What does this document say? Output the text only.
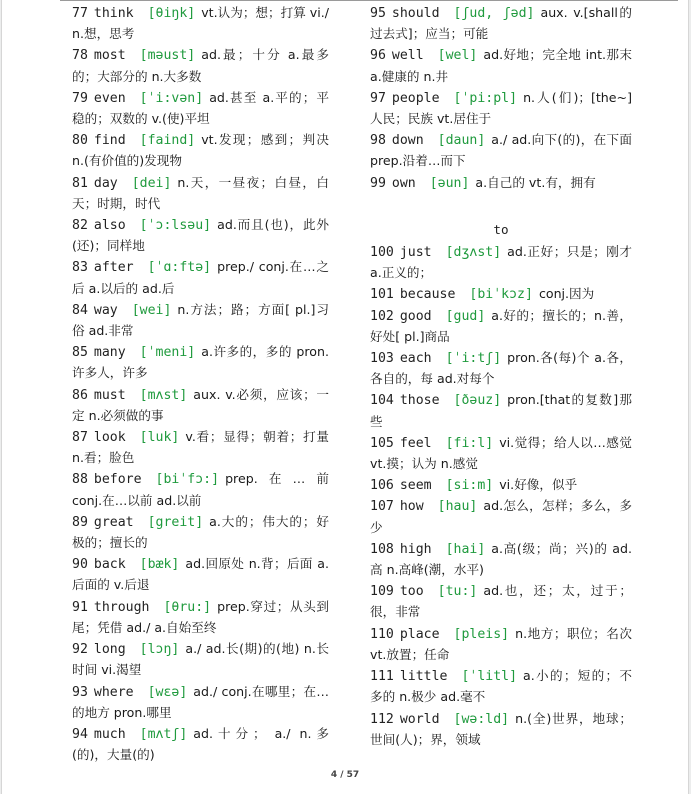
77 think [θiŋk] vt.认为；想；打算 vi./ n.想，思考
78 most [məust] ad.最；十分 a.最多的；大部分的 n.大多数
79 even [ˈi:vən] ad.甚至 a.平的；平稳的；双数的 v.(使)平坦
80 find [faind] vt.发现；感到；判决 n.(有价值的)发现物
81 day [dei] n.天，一昼夜；白昼，白天；时期，时代
82 also [ˈɔ:lsəu] ad.而且(也)，此外(还)；同样地
83 after [ˈɑ:ftə] prep./ conj.在…之后 a.以后的 ad.后
84 way [wei] n.方法；路；方面[ pl.]习俗 ad.非常
85 many [ˈmeni] a.许多的，多的 pron.许多人，许多
86 must [mʌst] aux. v.必须，应该；一定 n.必须做的事
87 look [luk] v.看；显得；朝着；打量 n.看；脸色
88 before [biˈfɔ:] prep.在…前 conj.在…以前 ad.以前
89 great [greit] a.大的；伟大的；好极的；擅长的
90 back [bæk] ad.回原处 n.背；后面 a.后面的 v.后退
91 through [θru:] prep.穿过；从头到尾；凭借 ad./ a.自始至终
92 long [lɔŋ] a./ ad.长(期)的(地) n.长时间 vi.渴望
93 where [wɛə] ad./ conj.在哪里；在…的地方 pron.哪里
94 much [mʌtʃ] ad.十分； a./ n.多(的)，大量(的)
95 should [ʃud, ʃəd] aux. v.[shall的过去式]；应当；可能
96 well [wel] ad.好地；完全地 int.那末 a.健康的 n.井
97 people [ˈpi:pl] n.人(们)；[the~]人民；民族 vt.居住于
98 down [daun] a./ ad.向下(的)，在下面 prep.沿着…而下
99 own [əun] a.自己的 vt.有，拥有
to
100 just [dʒʌst] ad.正好；只是；刚才 a.正义的；
101 because [biˈkɔz] conj.因为
102 good [gud] a.好的；擅长的；n.善，好处[ pl.]商品
103 each [ˈi:tʃ] pron.各(每)个 a.各，各自的，每 ad.对每个
104 those [ðəuz] pron.[that的复数]那些
105 feel [fi:l] vi.觉得；给人以…感觉 vt.摸；认为 n.感觉
106 seem [si:m] vi.好像，似乎
107 how [hau] ad.怎么，怎样；多么，多少
108 high [hai] a.高(级；尚；兴)的 ad.高 n.高峰(潮，水平)
109 too [tu:] ad.也，还；太，过于；很，非常
110 place [pleis] n.地方；职位；名次 vt.放置；任命
111 little [ˈlitl] a.小的；短的；不多的 n.极少 ad.毫不
112 world [wə:ld] n.(全)世界，地球；世间(人)；界，领域
4 / 57
